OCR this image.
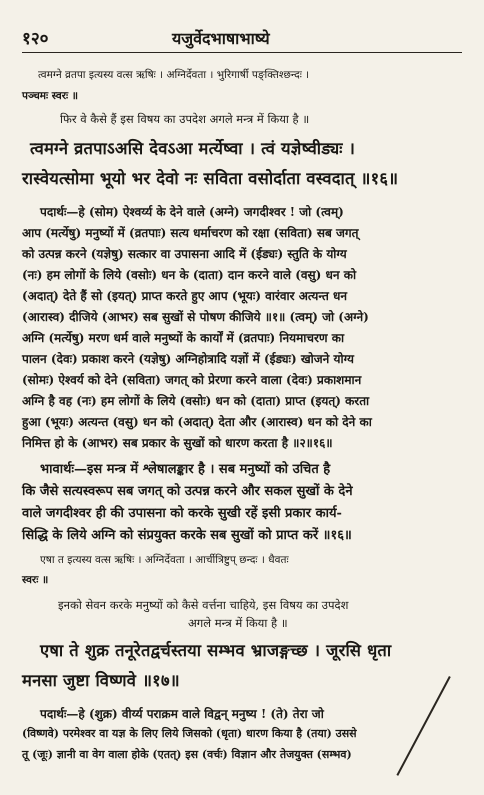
१२०	यजुर्वेदभाषाभाष्ये
त्वमग्ने व्रतपा इत्यस्य वत्स ऋषिः । अग्निर्देवता । भुरिगार्षी पङ्क्तिश्छन्दः ।
पञ्चमः स्वरः ॥
फिर वे कैसे हैं इस विषय का उपदेश अगले मन्त्र में किया है ॥
त्वमग्ने व्रतपाऽअसि देवऽआ मर्त्येष्वा । त्वं यज्ञेष्वीड्यः ।
रास्वेयत्सोमा भूयो भर देवो नः सविता वसोर्दाता वस्वदात् ॥१६॥
पदार्थः—हे (सोम) ऐश्वर्य्य के देने वाले (अग्ने) जगदीश्वर ! जो (त्वम्)
आप (मर्त्येषु) मनुष्यों में (व्रतपाः) सत्य धर्माचरण को रक्षा (सविता) सब जगत्
को उत्पन्न करने (यज्ञेषु) सत्कार वा उपासना आदि में (ईड्यः) स्तुति के योग्य
(नः) हम लोगों के लिये (वसोः) धन के (दाता) दान करने वाले (वसु) धन को
(अदात्) देते हैं सो (इयत्) प्राप्त करते हुए आप (भूयः) वारंवार अत्यन्त धन
(आरास्व) दीजिये (आभर) सब सुखों से पोषण कीजिये ॥१॥ (त्वम्) जो (अग्ने)
अग्नि (मर्त्येषु) मरण धर्म वाले मनुष्यों के कार्यों में (व्रतपाः) नियमाचरण का
पालन (देवः) प्रकाश करने (यज्ञेषु) अग्निहोत्रादि यज्ञों में (ईड्यः) खोजने योग्य
(सोमः) ऐश्वर्य को देने (सविता) जगत् को प्रेरणा करने वाला (देवः) प्रकाशमान
अग्नि है वह (नः) हम लोगों के लिये (वसोः) धन को (दाता) प्राप्त (इयत्) करता
हुआ (भूयः) अत्यन्त (वसु) धन को (अदात्) देता और (आरास्व) धन को देने का
निमित्त हो के (आभर) सब प्रकार के सुखों को धारण करता है ॥२॥१६॥
भावार्थः—इस मन्त्र में श्लेषालङ्कार है । सब मनुष्यों को उचित है
कि जैसे सत्यस्वरूप सब जगत् को उत्पन्न करने और सकल सुखों के देने
वाले जगदीश्वर ही की उपासना को करके सुखी रहें इसी प्रकार कार्य-
सिद्धि के लिये अग्नि को संप्रयुक्त करके सब सुखों को प्राप्त करें ॥१६॥
एषा त इत्यस्य वत्स ऋषिः । अग्निर्देवता । आर्चीत्रिष्टुप् छन्दः । धैवतः
स्वरः ॥
इनको सेवन करके मनुष्यों को कैसे वर्त्तना चाहिये, इस विषय का उपदेश
अगले मन्त्र में किया है ॥
एषा ते शुक्र तनूरेतद्वर्चस्तया सम्भव भ्राजङ्गच्छ । जूरसि धृता
मनसा जुष्टा विष्णवे ॥१७॥
पदार्थः—हे (शुक्र) वीर्य्य पराक्रम वाले विद्वन् मनुष्य ! (ते) तेरा जो
(विष्णवे) परमेश्वर वा यज्ञ के लिए लिये जिसको (धृता) धारण किया है (तया) उससे
तू (जूः) ज्ञानी वा वेग वाला होके (एतत्) इस (वर्चः) विज्ञान और तेजयुक्त (सम्भव)
